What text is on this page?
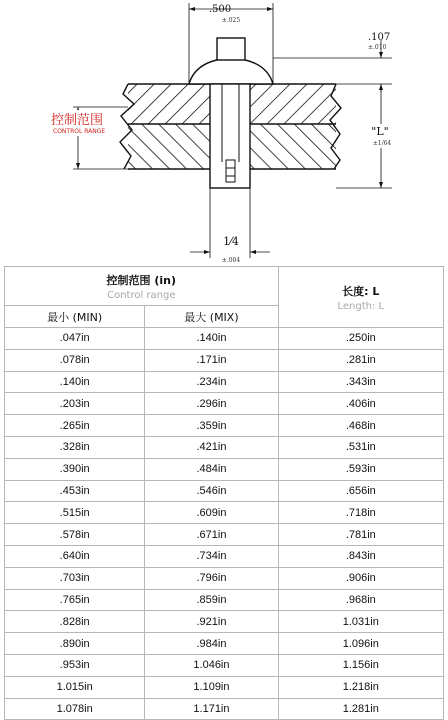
.500
±.025
.107
±.010
"L"
±1/64
控制范围
CONTROL RANGE
1⁄4
±.004
控制范围 (in)
Control range		长度: L
Length: L

最小 (MIN)	最大 (MIX)	
.047in	.140in	.250in
.078in	.171in	.281in
.140in	.234in	.343in
.203in	.296in	.406in
.265in	.359in	.468in
.328in	.421in	.531in
.390in	.484in	.593in
.453in	.546in	.656in
.515in	.609in	.718in
.578in	.671in	.781in
.640in	.734in	.843in
.703in	.796in	.906in
.765in	.859in	.968in
.828in	.921in	1.031in
.890in	.984in	1.096in
.953in	1.046in	1.156in
1.015in	1.109in	1.218in
1.078in	1.171in	1.281in
